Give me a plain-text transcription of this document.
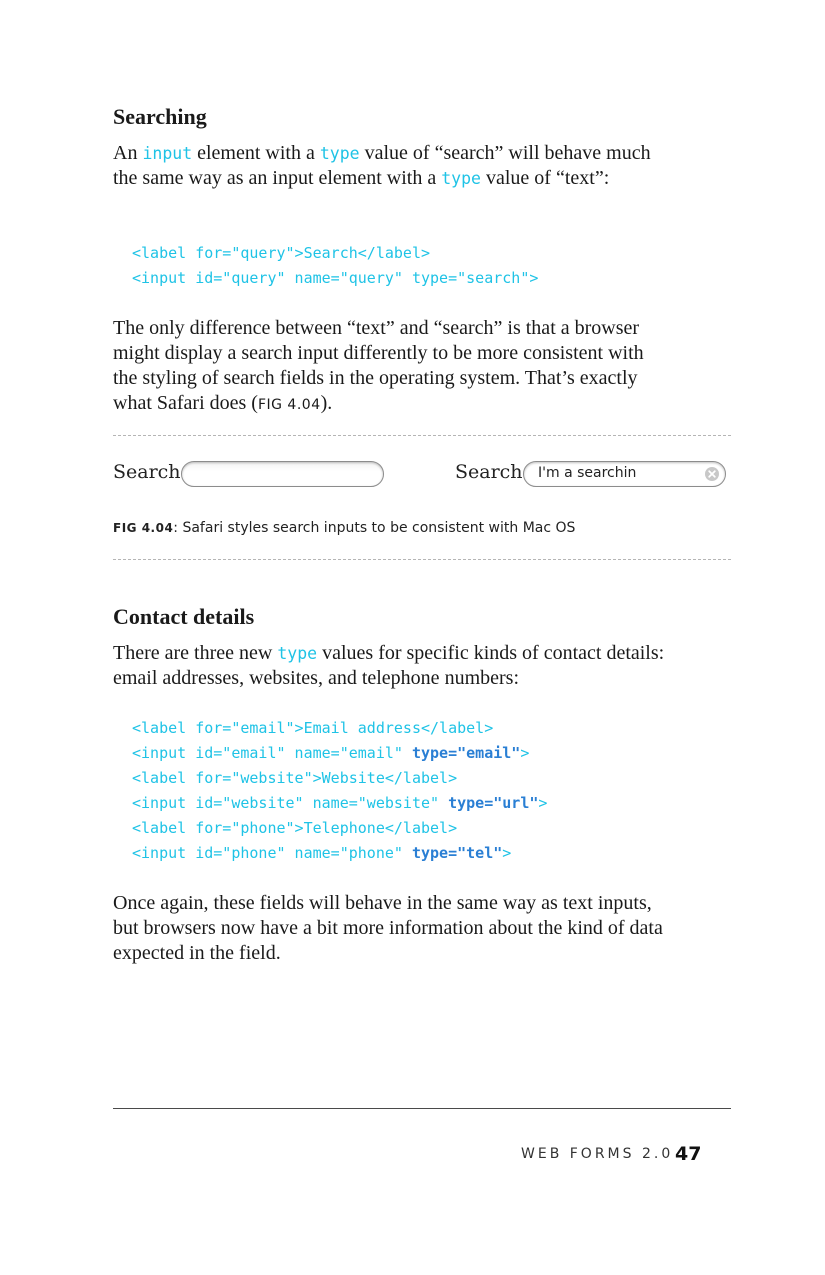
Searching

An input element with a type value of “search” will behave much the same way as an input element with a type value of “text”:

<label for="query">Search</label>
<input id="query" name="query" type="search">

The only difference between “text” and “search” is that a browser might display a search input differently to be more consistent with the styling of search fields in the operating system. That’s exactly what Safari does (FIG 4.04).

Search	Search I'm a searchin
FIG 4.04: Safari styles search inputs to be consistent with Mac OS
Contact details

There are three new type values for specific kinds of contact details: email addresses, websites, and telephone numbers:

<label for="email">Email address</label>
<input id="email" name="email" type="email">
<label for="website">Website</label>
<input id="website" name="website" type="url">
<label for="phone">Telephone</label>
<input id="phone" name="phone" type="tel">

Once again, these fields will behave in the same way as text inputs, but browsers now have a bit more information about the kind of data expected in the field.

WEB FORMS 2.0 47
